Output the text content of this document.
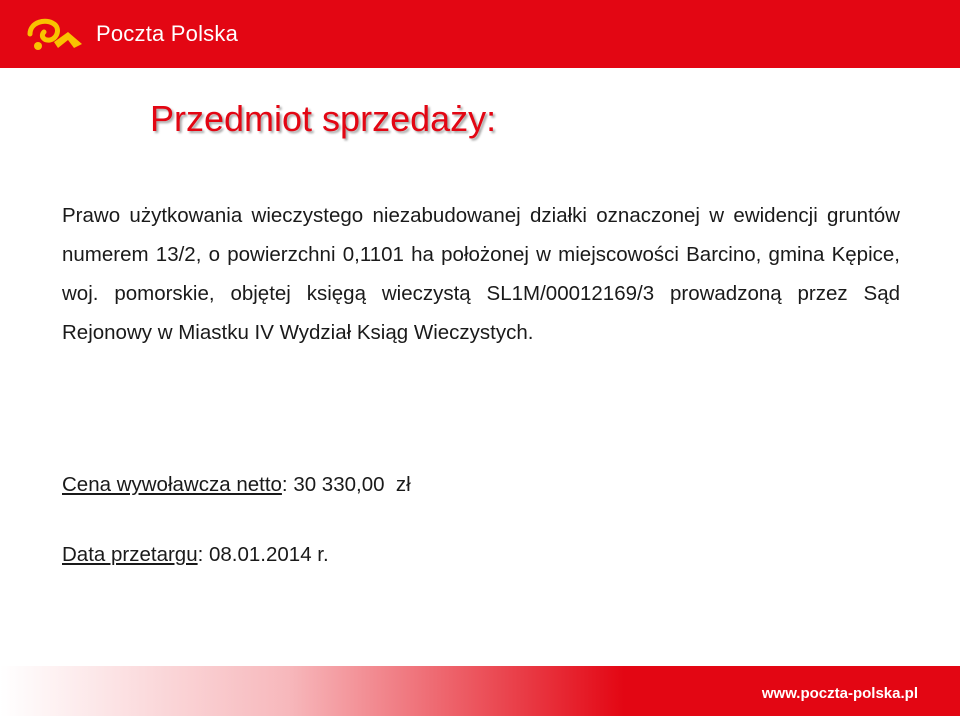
Poczta Polska
Przedmiot sprzedaży:
Prawo użytkowania wieczystego niezabudowanej działki oznaczonej w ewidencji gruntów numerem 13/2, o powierzchni 0,1101 ha położonej w miejscowości Barcino, gmina Kępice, woj. pomorskie, objętej księgą wieczystą SL1M/00012169/3 prowadzoną przez Sąd Rejonowy w Miastku IV Wydział Ksiąg Wieczystych.
Cena wywoławcza netto: 30 330,00  zł
Data przetargu: 08.01.2014 r.
www.poczta-polska.pl
